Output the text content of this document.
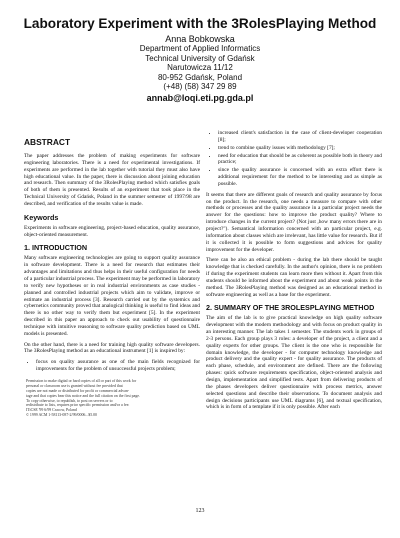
Laboratory Experiment with the 3RolesPlaying Method
Anna Bobkowska
Department of Applied Informatics
Technical University of Gdańsk
Narutowicza 11/12
80-952 Gdańsk, Poland
(+48) (58) 347 29 89
annab@loqi.eti.pg.gda.pl
ABSTRACT

The paper addresses the problem of making experiments for software engineering laboratories. There is a need for experimental investigations. If experiments are performed in the lab together with tutorial they must also have high educational value. In the paper, there is discussion about joining education and research. Then summary of the 3RolesPlaying method which satisfies goals of both of them is presented. Results of an experiment that took place in the Technical University of Gdańsk, Poland in the summer semester of 1997/98 are described, and verification of the results value is made.

Keywords

Experiments in software engineering, project-based education, quality assurance, object-oriented measurement.

1. INTRODUCTION

Many software engineering technologies are going to support quality assurance in software development. There is a need for research that estimates their advantages and limitations and thus helps in their useful configuration for needs of a particular industrial process. The experiment may be performed in laboratory to verify new hypotheses or in real industrial environments as case studies - planned and controlled industrial projects which aim to validate, improve or estimate an industrial process [3]. Research carried out by the systemics and cybernetics community proved that analogical thinking is useful to find ideas and there is no other way to verify them but experiment [5]. In the experiment described in this paper an approach to check out usability of questionnaire technique with intuitive reasoning to software quality prediction based on UML models is presented.

On the other hand, there is a need for training high quality software developers. The 3RolesPlaying method as an educational instrument [1] is inspired by:

• focus on quality assurance as one of the main fields recognized for improvements for the problem of unsuccessful projects problem;
Permission to make digital or hard copies of all or part of this work for
personal or classroom use is granted without fee provided that
copies are not made or distributed for profit or commercial advan-
tage and that copies bear this notice and the full citation on the first page.
To copy otherwise, to republish, to post on servers or to
redistribute to lists, requires prior specific permission and/or a fee.
ITiCSE '99 6/99 Cracow, Poland
© 1999 ACM 1-58113-087-2/99/0006...$5.00
• increased client's satisfaction in the case of client-developer cooperation [8];
• trend to combine quality issues with methodology [7];
• need for education that should be as coherent as possible both in theory and practice;
• since the quality assurance is concerned with an extra effort there is additional requirement for the method to be interesting and as simple as possible.

It seems that there are different goals of research and quality assurance by focus on the product. In the research, one needs a measure to compare with other methods or processes and the quality assurance in a particular project needs the answer for the questions: how to improve the product quality? Where to introduce changes in the current project? (Not just ,how many errors there are in project?"). Semantical information concerned with an particular project, e.g. information about classes which are irrelevant, has little value for research. But if it is collected it is possible to form suggestions and advices for quality improvement for the developer.

There can be also an ethical problem - during the lab there should be taught knowledge that is checked carefully. In the author's opinion, there is no problem if during the experiment students can learn more then without it. Apart from this students should be informed about the experiment and about weak points in the method. The 3RolesPlaying method was designed as an educational method in software engineering as well as a base for the experiment.

2. SUMMARY OF THE 3ROLESPLAYING METHOD

The aim of the lab is to give practical knowledge on high quality software development with the modern methodology and with focus on product quality in an interesting manner. The lab takes 1 semester. The students work in groups of 2-3 persons. Each group plays 3 roles: a developer of the project, a client and a quality experts for other groups. The client is the one who is responsible for domain knowledge, the developer - for computer technology knowledge and product delivery and the quality expert - for quality assurance. The products of each phase, schedule, and environment are defined. There are the following phases: quick software requirements specification, object-oriented analysis and design, implementation and simplified tests. Apart from delivering products of the phases developers deliver questionnaire with process metrics, answer selected questions and describe their observations. To document analysis and design decisions participants use UML diagrams [6], and textual specification, which is in form of a template if it is only possible. After each

123
